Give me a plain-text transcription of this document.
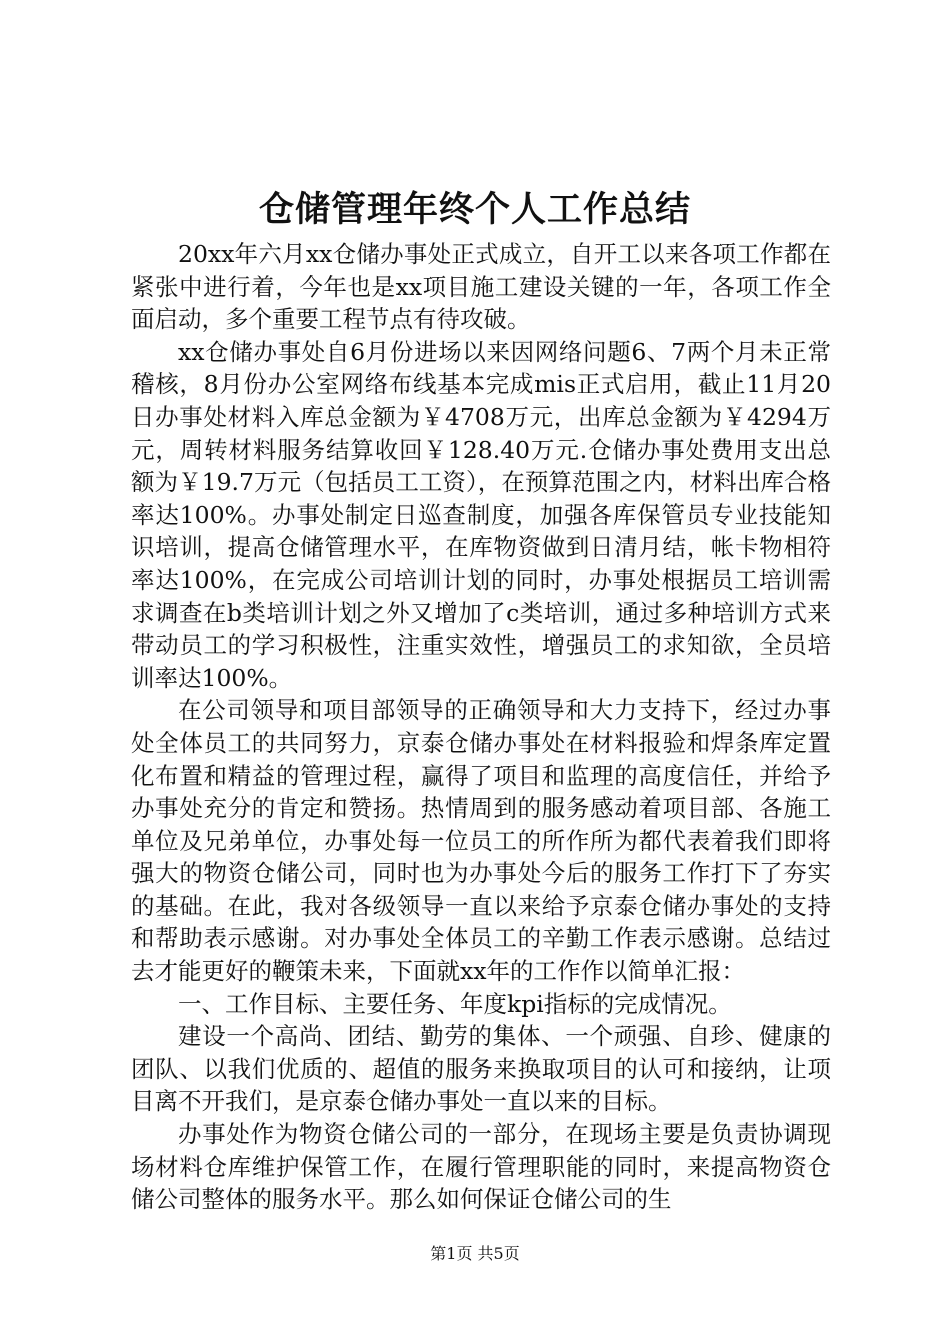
仓储管理年终个人工作总结

20xx年六月xx仓储办事处正式成立，自开工以来各项工作都在紧张中进行着，今年也是xx项目施工建设关键的一年，各项工作全面启动，多个重要工程节点有待攻破。

xx仓储办事处自6月份进场以来因网络问题6、7两个月未正常稽核，8月份办公室网络布线基本完成mis正式启用，截止11月20日办事处材料入库总金额为￥4708万元，出库总金额为￥4294万元，周转材料服务结算收回￥128.40万元.仓储办事处费用支出总额为￥19.7万元（包括员工工资），在预算范围之内，材料出库合格率达100%。办事处制定日巡查制度，加强各库保管员专业技能知识培训，提高仓储管理水平，在库物资做到日清月结，帐卡物相符率达100%，在完成公司培训计划的同时，办事处根据员工培训需求调查在b类培训计划之外又增加了c类培训，通过多种培训方式来带动员工的学习积极性，注重实效性，增强员工的求知欲，全员培训率达100%。

在公司领导和项目部领导的正确领导和大力支持下，经过办事处全体员工的共同努力，京泰仓储办事处在材料报验和焊条库定置化布置和精益的管理过程，赢得了项目和监理的高度信任，并给予办事处充分的肯定和赞扬。热情周到的服务感动着项目部、各施工单位及兄弟单位，办事处每一位员工的所作所为都代表着我们即将强大的物资仓储公司，同时也为办事处今后的服务工作打下了夯实的基础。在此，我对各级领导一直以来给予京泰仓储办事处的支持和帮助表示感谢。对办事处全体员工的辛勤工作表示感谢。总结过去才能更好的鞭策未来，下面就xx年的工作作以简单汇报：

一、工作目标、主要任务、年度kpi指标的完成情况。

建设一个高尚、团结、勤劳的集体、一个顽强、自珍、健康的团队、以我们优质的、超值的服务来换取项目的认可和接纳，让项目离不开我们，是京泰仓储办事处一直以来的目标。

办事处作为物资仓储公司的一部分，在现场主要是负责协调现场材料仓库维护保管工作，在履行管理职能的同时，来提高物资仓储公司整体的服务水平。那么如何保证仓储公司的生

第1页 共5页
